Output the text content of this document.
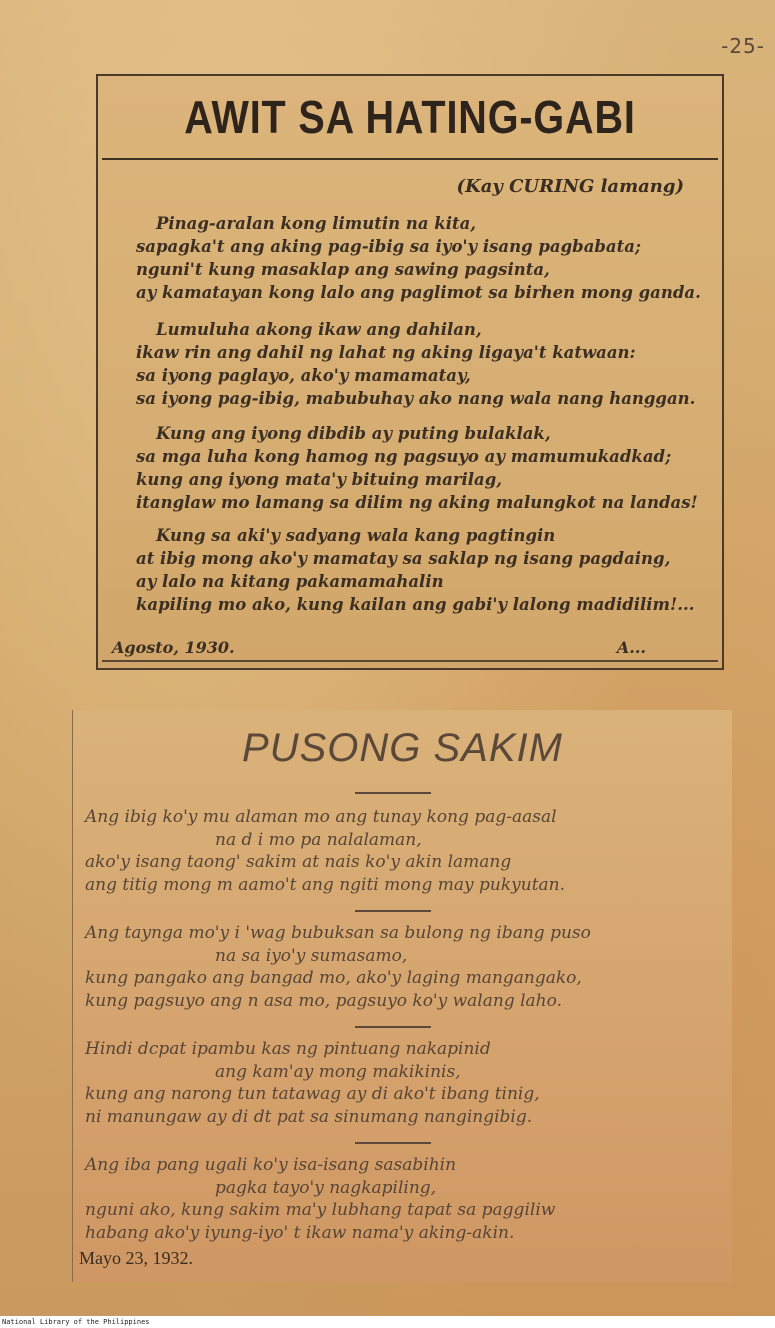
-25-
AWIT SA HATING-GABI
(Kay CURING lamang)
Pinag-aralan kong limutin na kita,
sapagka't ang aking pag-ibig sa iyo'y isang pagbabata;
nguni't kung masaklap ang sawing pagsinta,
ay kamatayan kong lalo ang paglimot sa birhen mong ganda.
Lumuluha akong ikaw ang dahilan,
ikaw rin ang dahil ng lahat ng aking ligaya't katwaan:
sa iyong paglayo, ako'y mamamatay,
sa iyong pag-ibig, mabubuhay ako nang wala nang hanggan.
Kung ang iyong dibdib ay puting bulaklak,
sa mga luha kong hamog ng pagsuyo ay mamumukadkad;
kung ang iyong mata'y bituing marilag,
itanglaw mo lamang sa dilim ng aking malungkot na landas!
Kung sa aki'y sadyang wala kang pagtingin
at ibig mong ako'y mamatay sa saklap ng isang pagdaing,
ay lalo na kitang pakamamahalin
kapiling mo ako, kung kailan ang gabi'y lalong madidilim!...
Agosto, 1930.	A...
PUSONG SAKIM
Ang ibig ko'y mu alaman mo ang tunay kong pag-aasal
na d i mo pa nalalaman,
ako'y isang taong' sakim at nais ko'y akin lamang
ang titig mong m aamo't ang ngiti mong may pukyutan.
Ang taynga mo'y i 'wag bubuksan sa bulong ng ibang puso
na sa iyo'y sumasamo,
kung pangako ang bangad mo, ako'y laging mangangako,
kung pagsuyo ang n asa mo, pagsuyo ko'y walang laho.
Hindi dcpat ipambu kas ng pintuang nakapinid
ang kam'ay mong makikinis,
kung ang narong tun tatawag ay di ako't ibang tinig,
ni manungaw ay di dt pat sa sinumang nangingibig.
Ang iba pang ugali ko'y isa-isang sasabihin
pagka tayo'y nagkapiling,
nguni ako, kung sakim ma'y lubhang tapat sa paggiliw
habang ako'y iyung-iyo' t ikaw nama'y aking-akin.
Mayo 23, 1932.
National Library of the Philippines
